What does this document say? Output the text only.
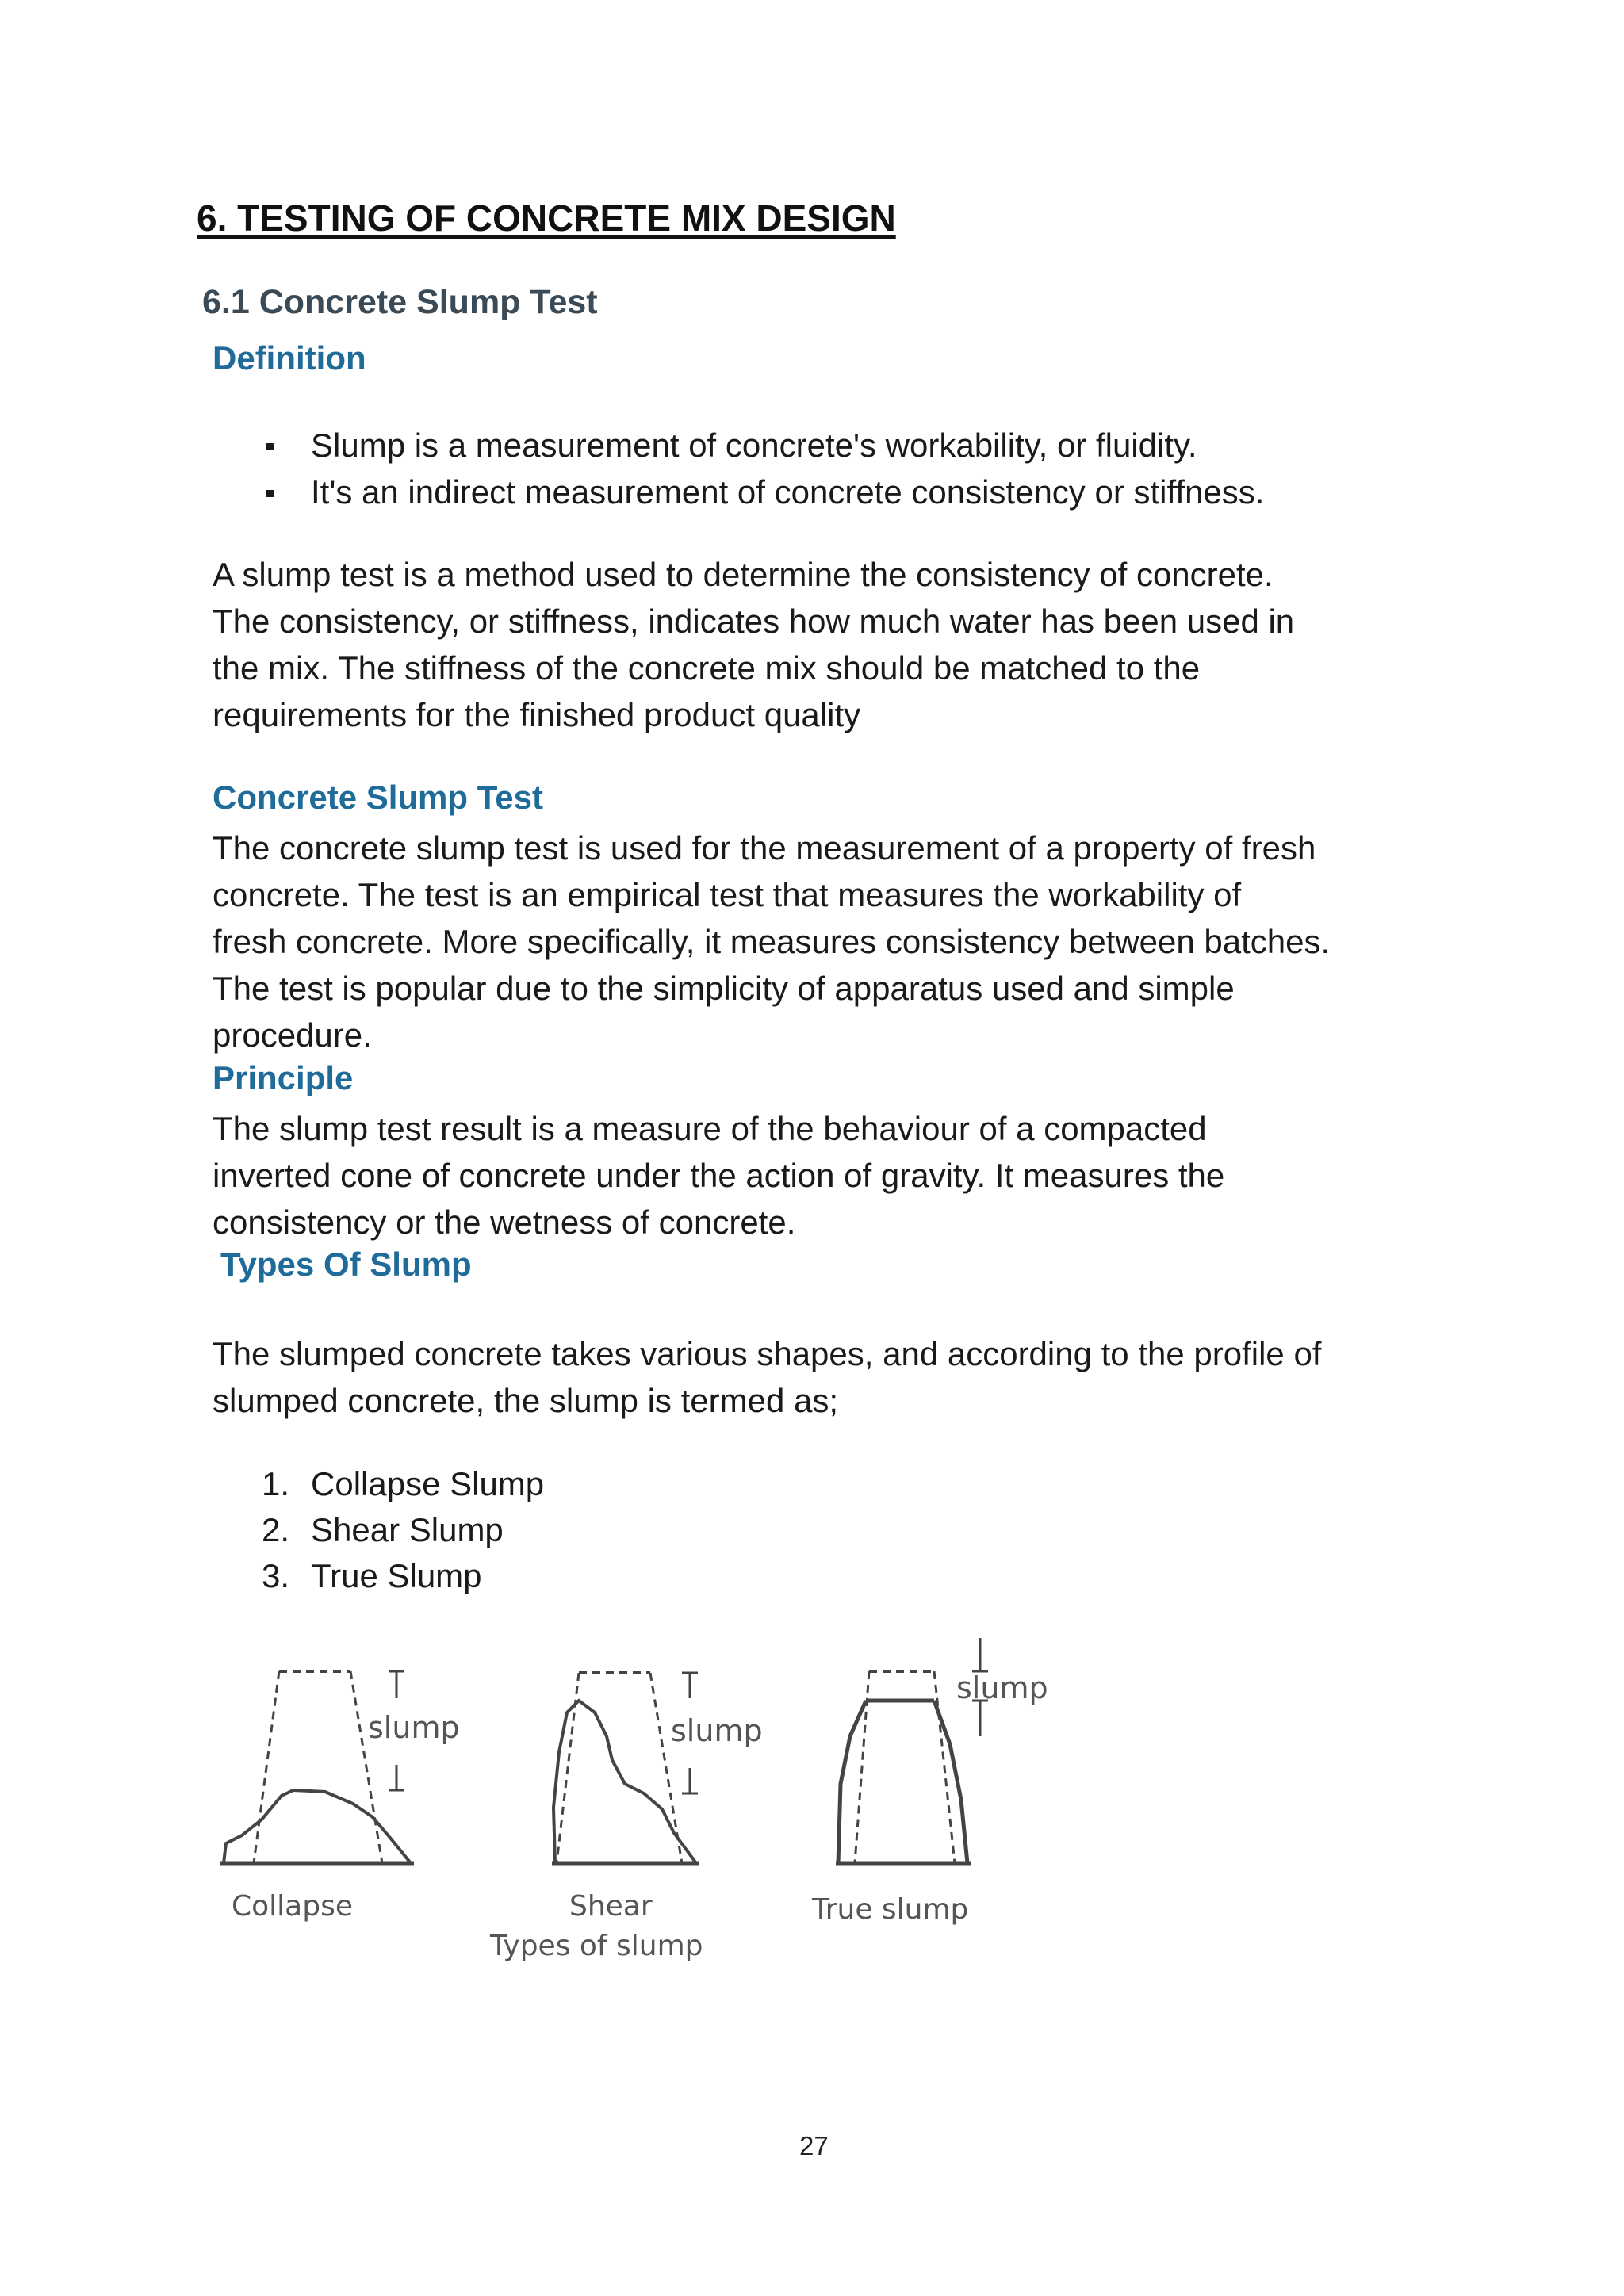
6. TESTING OF CONCRETE MIX DESIGN
6.1 Concrete Slump Test
Definition
Slump is a measurement of concrete's workability, or fluidity.
It's an indirect measurement of concrete consistency or stiffness.
A slump test is a method used to determine the consistency of concrete.
The consistency, or stiffness, indicates how much water has been used in
the mix. The stiffness of the concrete mix should be matched to the
requirements for the finished product quality
Concrete Slump Test
The concrete slump test is used for the measurement of a property of fresh
concrete. The test is an empirical test that measures the workability of
fresh concrete. More specifically, it measures consistency between batches.
The test is popular due to the simplicity of apparatus used and simple
procedure.
Principle
The slump test result is a measure of the behaviour of a compacted
inverted cone of concrete under the action of gravity. It measures the
consistency or the wetness of concrete.
Types Of Slump
The slumped concrete takes various shapes, and according to the profile of
slumped concrete, the slump is termed as;
1. Collapse Slump
2. Shear Slump
3. True Slump
slump	slump
slump
Collapse	Shear	True slump
Types of slump
27
